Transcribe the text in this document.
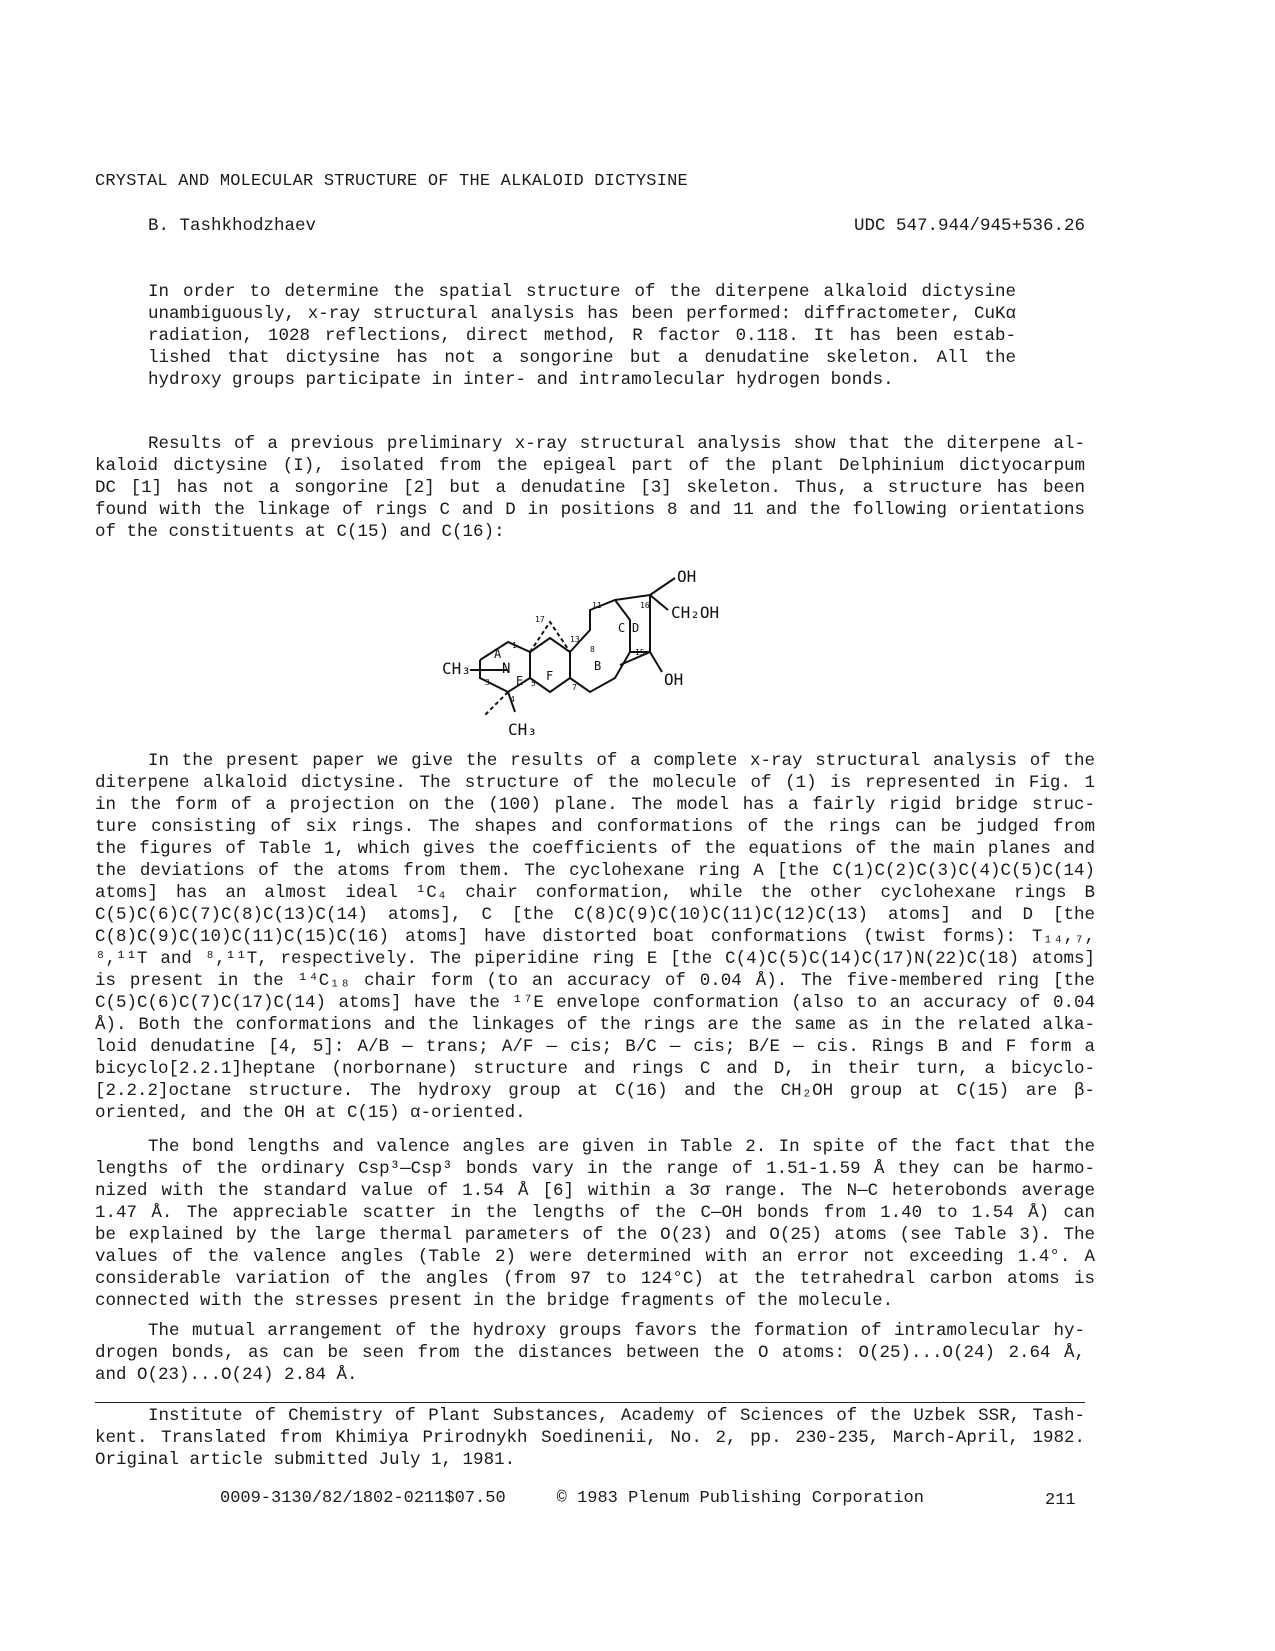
CRYSTAL AND MOLECULAR STRUCTURE OF THE ALKALOID DICTYSINE
B. Tashkhodzhaev	UDC 547.944/945+536.26
In order to determine the spatial structure of the diterpene alkaloid dictysine
unambiguously, x-ray structural analysis has been performed: diffractometer, CuKα
radiation, 1028 reflections, direct method, R factor 0.118. It has been estab-
lished that dictysine has not a songorine but a denudatine skeleton. All the
hydroxy groups participate in inter- and intramolecular hydrogen bonds.
Results of a previous preliminary x-ray structural analysis show that the diterpene al-
kaloid dictysine (I), isolated from the epigeal part of the plant Delphinium dictyocarpum
DC [1] has not a songorine [2] but a denudatine [3] skeleton. Thus, a structure has been
found with the linkage of rings C and D in positions 8 and 11 and the following orientations
of the constituents at C(15) and C(16):
OH
CH₂OH
OH
CH₃
CH₃
N
A
B
C D
E F
1
3
4
5	7
8
11
13
15
16
17
In the present paper we give the results of a complete x-ray structural analysis of the
diterpene alkaloid dictysine. The structure of the molecule of (1) is represented in Fig. 1
in the form of a projection on the (100) plane. The model has a fairly rigid bridge struc-
ture consisting of six rings. The shapes and conformations of the rings can be judged from
the figures of Table 1, which gives the coefficients of the equations of the main planes and
the deviations of the atoms from them. The cyclohexane ring A [the C(1)C(2)C(3)C(4)C(5)C(14)
atoms] has an almost ideal ¹C₄ chair conformation, while the other cyclohexane rings B
C(5)C(6)C(7)C(8)C(13)C(14) atoms], C [the C(8)C(9)C(10)C(11)C(12)C(13) atoms] and D [the
C(8)C(9)C(10)C(11)C(15)C(16) atoms] have distorted boat conformations (twist forms): T₁₄,₇,
⁸,¹¹T and ⁸,¹¹T, respectively. The piperidine ring E [the C(4)C(5)C(14)C(17)N(22)C(18) atoms]
is present in the ¹⁴C₁₈ chair form (to an accuracy of 0.04 Å). The five-membered ring [the
C(5)C(6)C(7)C(17)C(14) atoms] have the ¹⁷E envelope conformation (also to an accuracy of 0.04
Å). Both the conformations and the linkages of the rings are the same as in the related alka-
loid denudatine [4, 5]: A/B — trans; A/F — cis; B/C — cis; B/E — cis. Rings B and F form a
bicyclo[2.2.1]heptane (norbornane) structure and rings C and D, in their turn, a bicyclo-
[2.2.2]octane structure. The hydroxy group at C(16) and the CH₂OH group at C(15) are β-
oriented, and the OH at C(15) α-oriented.
The bond lengths and valence angles are given in Table 2. In spite of the fact that the
lengths of the ordinary Csp³—Csp³ bonds vary in the range of 1.51-1.59 Å they can be harmo-
nized with the standard value of 1.54 Å [6] within a 3σ range. The N—C heterobonds average
1.47 Å. The appreciable scatter in the lengths of the C—OH bonds from 1.40 to 1.54 Å) can
be explained by the large thermal parameters of the O(23) and O(25) atoms (see Table 3). The
values of the valence angles (Table 2) were determined with an error not exceeding 1.4°. A
considerable variation of the angles (from 97 to 124°C) at the tetrahedral carbon atoms is
connected with the stresses present in the bridge fragments of the molecule.
The mutual arrangement of the hydroxy groups favors the formation of intramolecular hy-
drogen bonds, as can be seen from the distances between the O atoms: O(25)...O(24) 2.64 Å,
and O(23)...O(24) 2.84 Å.
Institute of Chemistry of Plant Substances, Academy of Sciences of the Uzbek SSR, Tash-
kent. Translated from Khimiya Prirodnykh Soedinenii, No. 2, pp. 230-235, March-April, 1982.
Original article submitted July 1, 1981.
0009-3130/82/1802-0211$07.50	© 1983 Plenum Publishing Corporation	211
